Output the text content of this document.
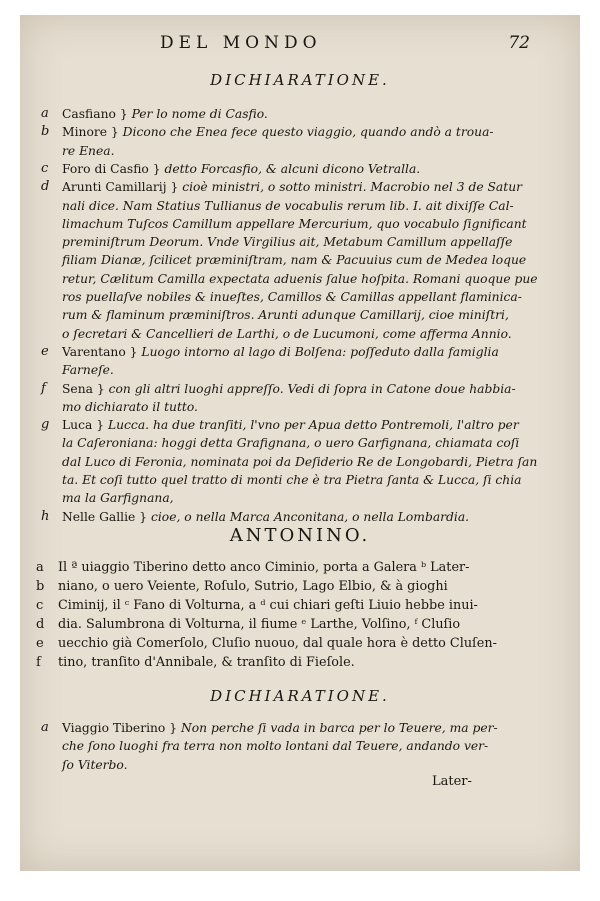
DEL MONDO	72
DICHIARATIONE.
a Casfiano } Per lo nome di Casfio.
b Minore } Dicono che Enea fece questo viaggio, quando andò a troua-
re Enea.
c Foro di Casfio } detto Forcasfio, & alcuni dicono Vetralla.
d Arunti Camillarij } cioè ministri, o sotto ministri. Macrobio nel 3 de Satur
nali dice. Nam Statius Tullianus de vocabulis rerum lib. I. ait dixiſſe Cal-
limachum Tuſcos Camillum appellare Mercurium, quo vocabulo ſignificant
preminiſtrum Deorum. Vnde Virgilius ait, Metabum Camillum appellaſſe
filiam Dianæ, ſcilicet præminiſtram, nam & Pacuuius cum de Medea loque
retur, Cælitum Camilla expectata aduenis ſalue hoſpita. Romani quoque pue
ros puellaſve nobiles & inueſtes, Camillos & Camillas appellant flaminica-
rum & flaminum præminiſtros. Arunti adunque Camillarij, cioe miniſtri,
o ſecretari & Cancellieri de Larthi, o de Lucumoni, come afferma Annio.
e Varentano } Luogo intorno al lago di Bolſena: poſſeduto dalla famiglia
Farneſe.
f Sena } con gli altri luoghi appreſſo. Vedi di ſopra in Catone doue habbia-
mo dichiarato il tutto.
g Luca } Lucca. ha due tranſiti, l'vno per Apua detto Pontremoli, l'altro per
la Caſeroniana: hoggi detta Grafignana, o uero Garfignana, chiamata coſi
dal Luco di Feronia, nominata poi da Deſiderio Re de Longobardi, Pietra ſan
ta. Et coſi tutto quel tratto di monti che è tra Pietra ſanta & Lucca, ſi chia
ma la Garfignana,
h Nelle Gallie } cioe, o nella Marca Anconitana, o nella Lombardia.
ANTONINO.
a Il ª uiaggio Tiberino detto anco Ciminio, porta a Galera ᵇ Later-
b niano, o uero Veiente, Roſulo, Sutrio, Lago Elbio, & à gioghi
c Ciminij, il ᶜ Fano di Volturna, a ᵈ cui chiari geſti Liuio hebbe inui-
d dia. Salumbrona di Volturna, il fiume ᵉ Larthe, Volſino, ᶠ Cluſio
e uecchio già Comerſolo, Cluſio nuouo, dal quale hora è detto Cluſen-
f tino, tranſito d'Annibale, & tranſito di Fieſole.
DICHIARATIONE.
a Viaggio Tiberino } Non perche ſi vada in barca per lo Teuere, ma per-
che ſono luoghi fra terra non molto lontani dal Teuere, andando ver-
ſo Viterbo.
Later-
